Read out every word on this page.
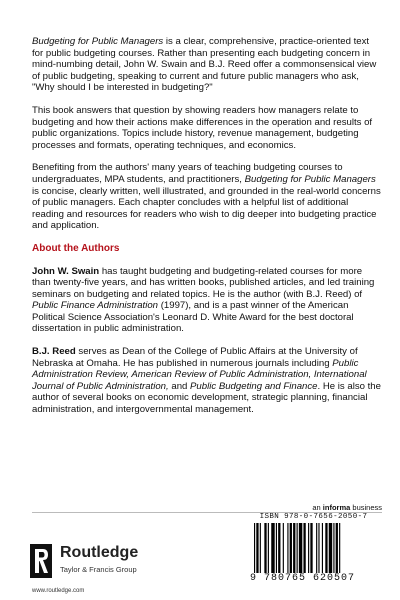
Budgeting for Public Managers is a clear, comprehensive, practice-oriented text for public budgeting courses. Rather than presenting each budgeting concern in mind-numbing detail, John W. Swain and B.J. Reed offer a commonsensical view of public budgeting, speaking to current and future public managers who ask, "Why should I be interested in budgeting?"

This book answers that question by showing readers how managers relate to budgeting and how their actions make differences in the operation and results of public organizations. Topics include history, revenue management, budgeting processes and formats, operating techniques, and economics.

Benefiting from the authors' many years of teaching budgeting courses to undergraduates, MPA students, and practitioners, Budgeting for Public Managers is concise, clearly written, well illustrated, and grounded in the real-world concerns of public managers. Each chapter concludes with a helpful list of additional reading and resources for readers who wish to dig deeper into budgeting practice and application.

About the Authors

John W. Swain has taught budgeting and budgeting-related courses for more than twenty-five years, and has written books, published articles, and led training seminars on budgeting and related topics. He is the author (with B.J. Reed) of Public Finance Administration (1997), and is a past winner of the American Political Science Association's Leonard D. White Award for the best doctoral dissertation in public administration.

B.J. Reed serves as Dean of the College of Public Affairs at the University of Nebraska at Omaha. He has published in numerous journals including Public Administration Review, American Review of Public Administration, International Journal of Public Administration, and Public Budgeting and Finance. He is also the author of several books on economic development, strategic planning, financial administration, and intergovernmental management.

an informa business
Routledge
Taylor & Francis Group
www.routledge.com
ISBN 978-0-7656-2050-7
9 780765 620507
